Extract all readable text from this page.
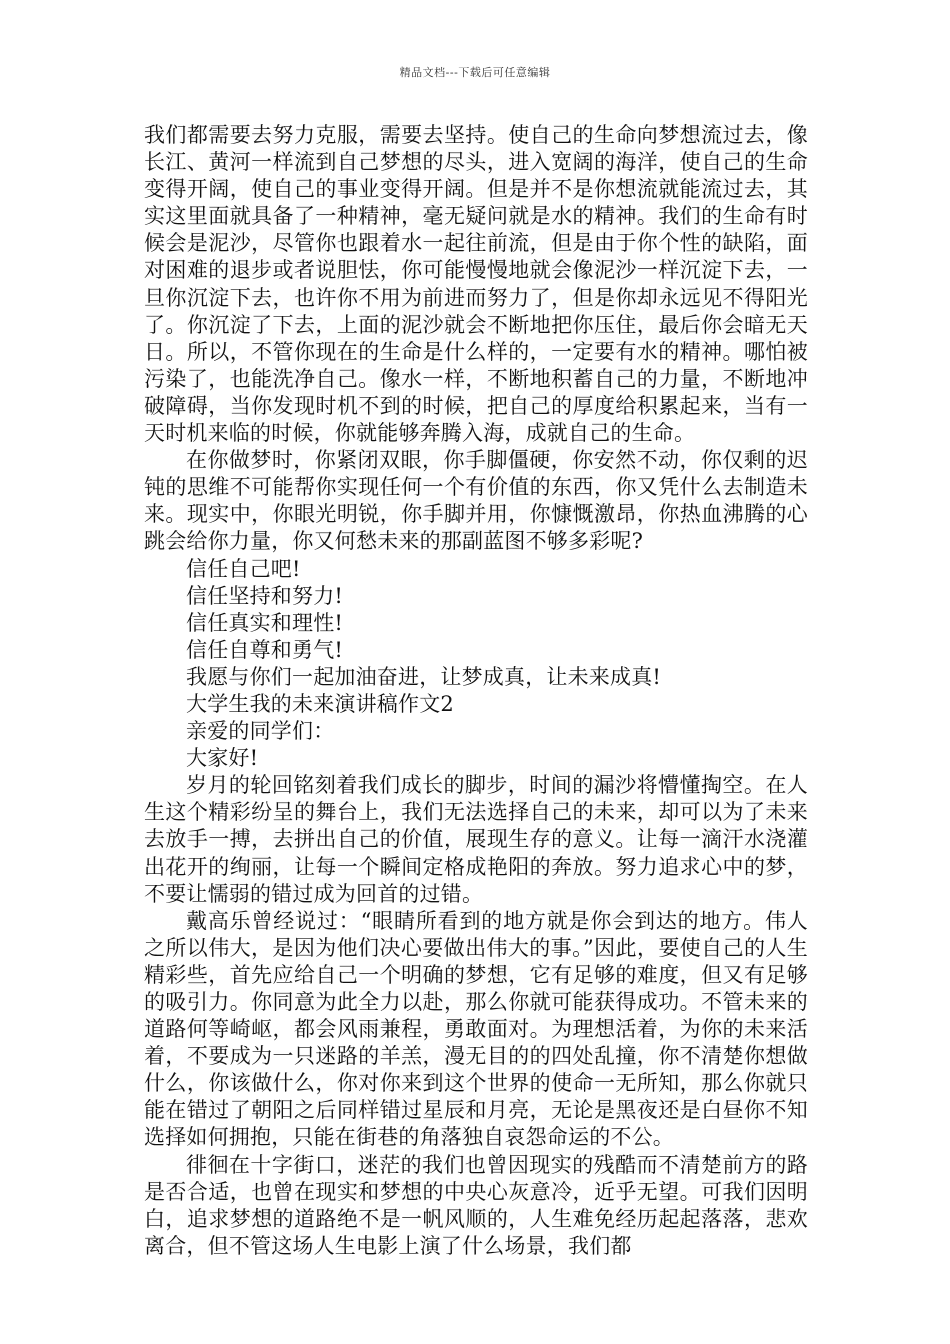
精品文档---下载后可任意编辑

我们都需要去努力克服，需要去坚持。使自己的生命向梦想流过去，像长江、黄河一样流到自己梦想的尽头，进入宽阔的海洋，使自己的生命变得开阔，使自己的事业变得开阔。但是并不是你想流就能流过去，其实这里面就具备了一种精神，毫无疑问就是水的精神。我们的生命有时候会是泥沙，尽管你也跟着水一起往前流，但是由于你个性的缺陷，面对困难的退步或者说胆怯，你可能慢慢地就会像泥沙一样沉淀下去，一旦你沉淀下去，也许你不用为前进而努力了，但是你却永远见不得阳光了。你沉淀了下去，上面的泥沙就会不断地把你压住，最后你会暗无天日。所以，不管你现在的生命是什么样的，一定要有水的精神。哪怕被污染了，也能洗净自己。像水一样，不断地积蓄自己的力量，不断地冲破障碍，当你发现时机不到的时候，把自己的厚度给积累起来，当有一天时机来临的时候，你就能够奔腾入海，成就自己的生命。

在你做梦时，你紧闭双眼，你手脚僵硬，你安然不动，你仅剩的迟钝的思维不可能帮你实现任何一个有价值的东西，你又凭什么去制造未来。现实中，你眼光明锐，你手脚并用，你慷慨激昂，你热血沸腾的心跳会给你力量，你又何愁未来的那副蓝图不够多彩呢?

信任自己吧!

信任坚持和努力!

信任真实和理性!

信任自尊和勇气!

我愿与你们一起加油奋进，让梦成真，让未来成真!

大学生我的未来演讲稿作文2

亲爱的同学们：

大家好!

岁月的轮回铭刻着我们成长的脚步，时间的漏沙将懵懂掏空。在人生这个精彩纷呈的舞台上，我们无法选择自己的未来，却可以为了未来去放手一搏，去拼出自己的价值，展现生存的意义。让每一滴汗水浇灌出花开的绚丽，让每一个瞬间定格成艳阳的奔放。努力追求心中的梦，不要让懦弱的错过成为回首的过错。

戴高乐曾经说过：“眼睛所看到的地方就是你会到达的地方。伟人之所以伟大，是因为他们决心要做出伟大的事。”因此，要使自己的人生精彩些，首先应给自己一个明确的梦想，它有足够的难度，但又有足够的吸引力。你同意为此全力以赴，那么你就可能获得成功。不管未来的道路何等崎岖，都会风雨兼程，勇敢面对。为理想活着，为你的未来活着，不要成为一只迷路的羊羔，漫无目的的四处乱撞，你不清楚你想做什么，你该做什么，你对你来到这个世界的使命一无所知，那么你就只能在错过了朝阳之后同样错过星辰和月亮，无论是黑夜还是白昼你不知选择如何拥抱，只能在街巷的角落独自哀怨命运的不公。

徘徊在十字街口，迷茫的我们也曾因现实的残酷而不清楚前方的路是否合适，也曾在现实和梦想的中央心灰意冷，近乎无望。可我们因明白，追求梦想的道路绝不是一帆风顺的，人生难免经历起起落落，悲欢离合，但不管这场人生电影上演了什么场景，我们都
